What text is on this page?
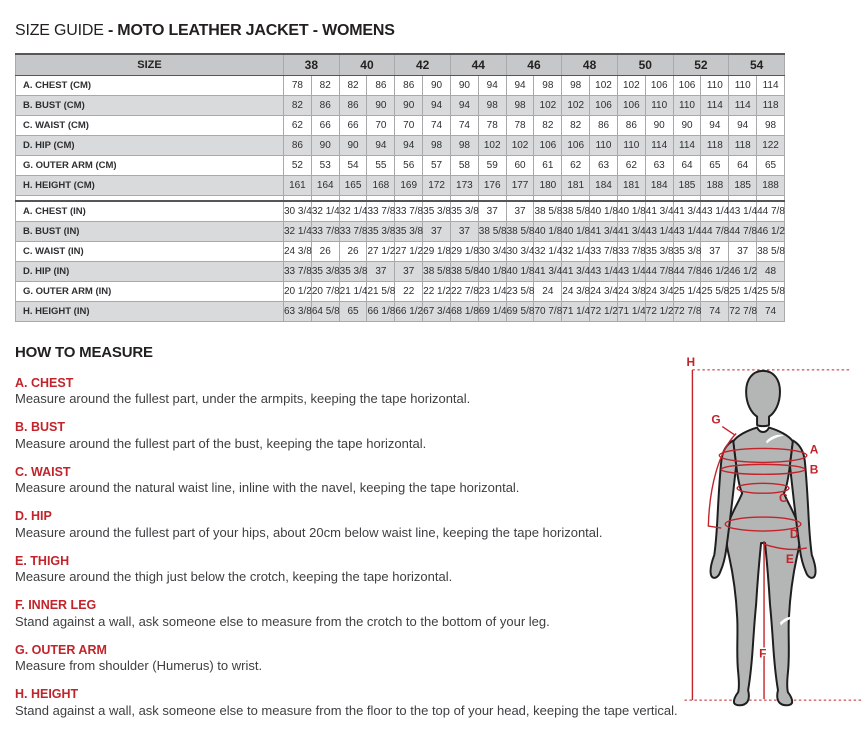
SIZE GUIDE - MOTO LEATHER JACKET - WOMENS
SIZE	38		40		42		44		46		48		50		52		54	
A. CHEST (CM)	78	82	82	86	86	90	90	94	94	98	98	102	102	106	106	110	110	114
B. BUST (CM)	82	86	86	90	90	94	94	98	98	102	102	106	106	110	110	114	114	118
C. WAIST (CM)	62	66	66	70	70	74	74	78	78	82	82	86	86	90	90	94	94	98
D. HIP (CM)	86	90	90	94	94	98	98	102	102	106	106	110	110	114	114	118	118	122
G. OUTER ARM (CM)	52	53	54	55	56	57	58	59	60	61	62	63	62	63	64	65	64	65
H. HEIGHT (CM)	161	164	165	168	169	172	173	176	177	180	181	184	181	184	185	188	185	188

A. CHEST (IN)	30 3/4	32 1/4	32 1/4	33 7/8	33 7/8	35 3/8	35 3/8	37	37	38 5/8	38 5/8	40 1/8	40 1/8	41 3/4	41 3/4	43 1/4	43 1/4	44 7/8
B. BUST (IN)	32 1/4	33 7/8	33 7/8	35 3/8	35 3/8	37	37	38 5/8	38 5/8	40 1/8	40 1/8	41 3/4	41 3/4	43 1/4	43 1/4	44 7/8	44 7/8	46 1/2
C. WAIST (IN)	24 3/8	26	26	27 1/2	27 1/2	29 1/8	29 1/8	30 3/4	30 3/4	32 1/4	32 1/4	33 7/8	33 7/8	35 3/8	35 3/8	37	37	38 5/8
D. HIP (IN)	33 7/8	35 3/8	35 3/8	37	37	38 5/8	38 5/8	40 1/8	40 1/8	41 3/4	41 3/4	43 1/4	43 1/4	44 7/8	44 7/8	46 1/2	46 1/2	48
G. OUTER ARM (IN)	20 1/2	20 7/8	21 1/4	21 5/8	22	22 1/2	22 7/8	23 1/4	23 5/8	24	24 3/8	24 3/4	24 3/8	24 3/4	25 1/4	25 5/8	25 1/4	25 5/8
H. HEIGHT (IN)	63 3/8	64 5/8	65	66 1/8	66 1/2	67 3/4	68 1/8	69 1/4	69 5/8	70 7/8	71 1/4	72 1/2	71 1/4	72 1/2	72 7/8	74	72 7/8	74
HOW TO MEASURE
A. CHEST
Measure around the fullest part, under the armpits, keeping the tape horizontal.
B. BUST
Measure around the fullest part of the bust, keeping the tape horizontal.
C. WAIST
Measure around the natural waist line, inline with the navel, keeping the tape horizontal.
D. HIP
Measure around the fullest part of your hips, about 20cm below waist line, keeping the tape horizontal.
E. THIGH
Measure around the thigh just below the crotch, keeping the tape horizontal.
F. INNER LEG
Stand against a wall, ask someone else to measure from the crotch to the bottom of your leg.
G. OUTER ARM
Measure from shoulder (Humerus) to wrist.
H. HEIGHT
Stand against a wall, ask someone else to measure from the floor to the top of your head, keeping the tape vertical.
H
G
A
B
C
D
E
F
